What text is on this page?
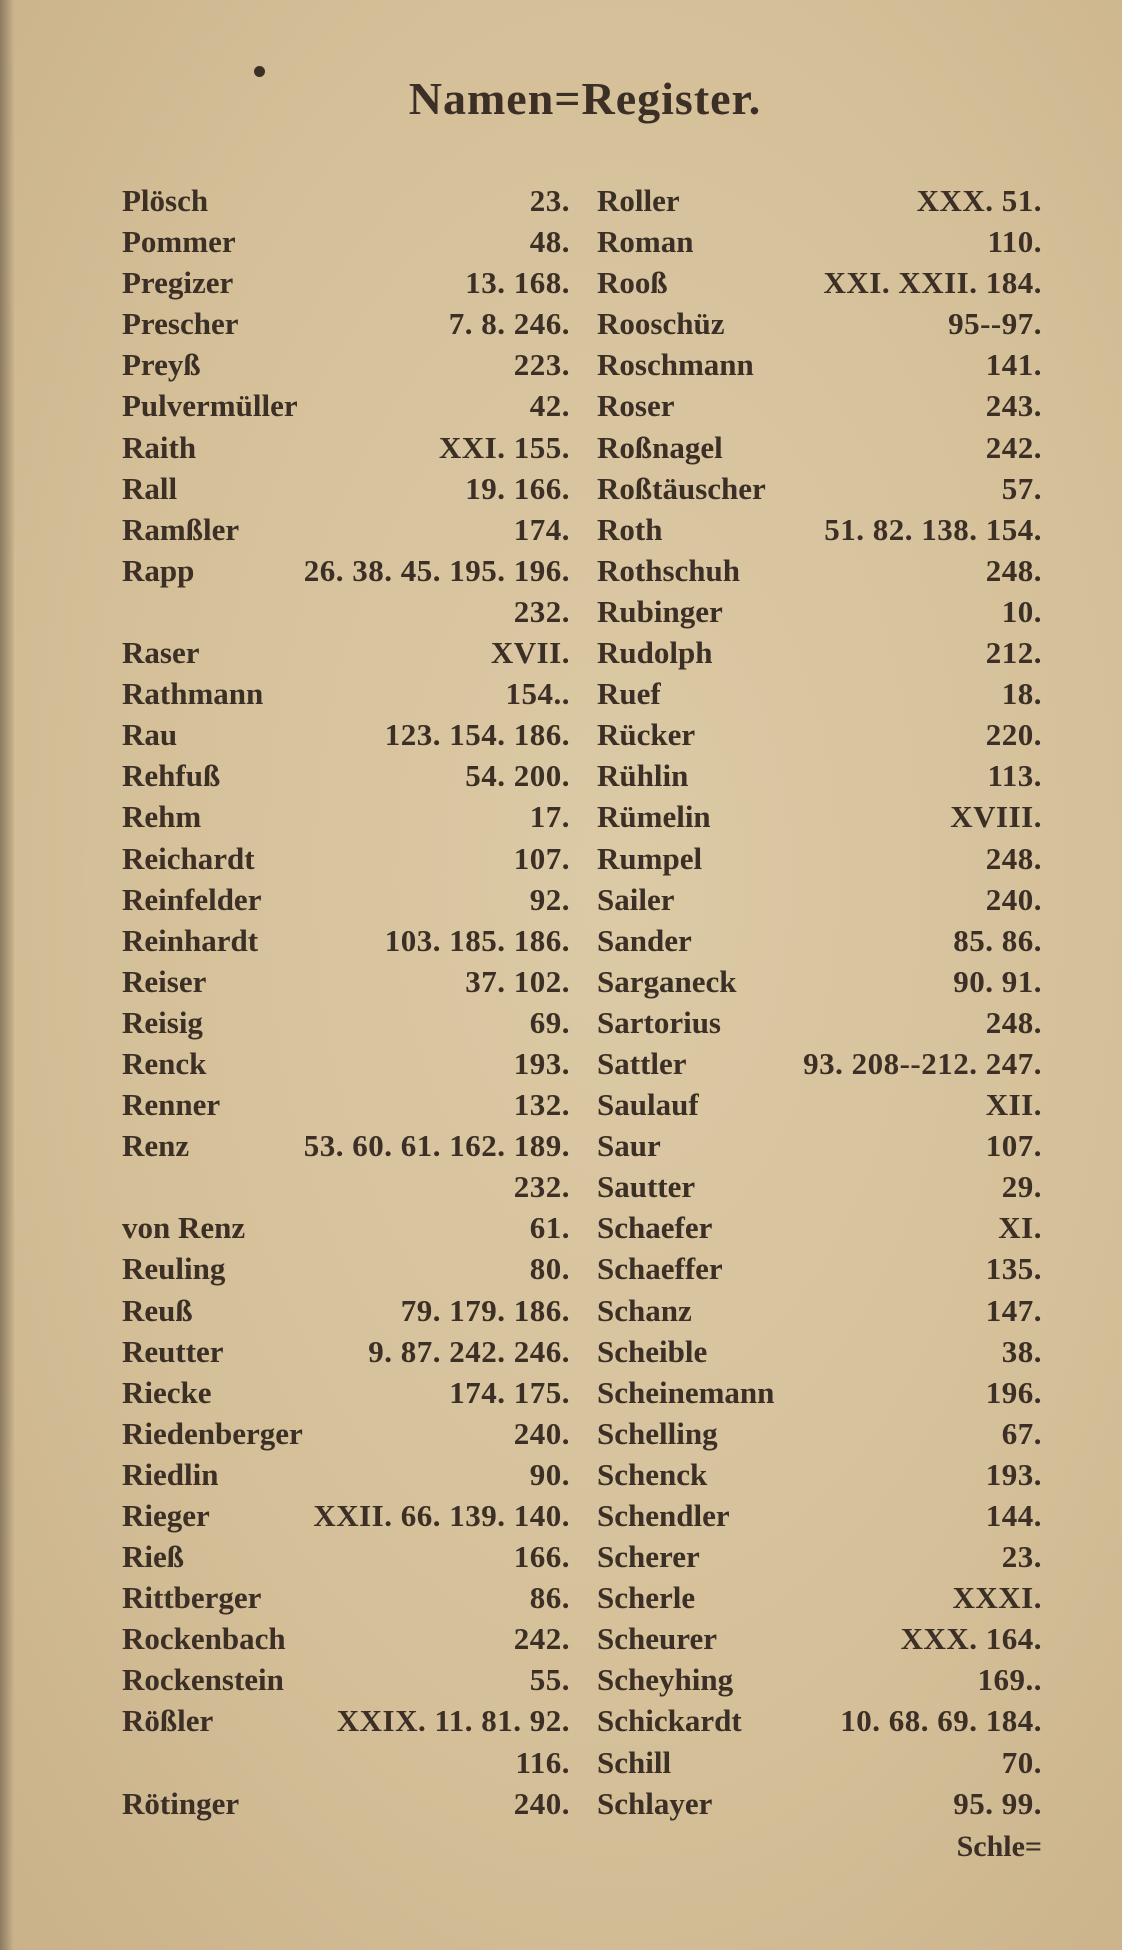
Namen=Register.
Plösch	23.
Pommer	48.
Pregizer	13. 168.
Prescher	7. 8. 246.
Preyß	223.
Pulvermüller	42.
Raith	XXI. 155.
Rall	19. 166.
Ramßler	174.
Rapp	26. 38. 45. 195. 196.
232.
Raser	XVII.
Rathmann	154..
Rau	123. 154. 186.
Rehfuß	54. 200.
Rehm	17.
Reichardt	107.
Reinfelder	92.
Reinhardt	103. 185. 186.
Reiser	37. 102.
Reisig	69.
Renck	193.
Renner	132.
Renz	53. 60. 61. 162. 189.
232.
von Renz	61.
Reuling	80.
Reuß	79. 179. 186.
Reutter	9. 87. 242. 246.
Riecke	174. 175.
Riedenberger	240.
Riedlin	90.
Rieger	XXII. 66. 139. 140.
Rieß	166.
Rittberger	86.
Rockenbach	242.
Rockenstein	55.
Rößler	XXIX. 11. 81. 92.
116.
Rötinger	240.
Roller	XXX. 51.
Roman	110.
Rooß	XXI. XXII. 184.
Rooschüz	95--97.
Roschmann	141.
Roser	243.
Roßnagel	242.
Roßtäuscher	57.
Roth	51. 82. 138. 154.
Rothschuh	248.
Rubinger	10.
Rudolph	212.
Ruef	18.
Rücker	220.
Rühlin	113.
Rümelin	XVIII.
Rumpel	248.
Sailer	240.
Sander	85. 86.
Sarganeck	90. 91.
Sartorius	248.
Sattler	93. 208--212. 247.
Saulauf	XII.
Saur	107.
Sautter	29.
Schaefer	XI.
Schaeffer	135.
Schanz	147.
Scheible	38.
Scheinemann	196.
Schelling	67.
Schenck	193.
Schendler	144.
Scherer	23.
Scherle	XXXI.
Scheurer	XXX. 164.
Scheyhing	169..
Schickardt	10. 68. 69. 184.
Schill	70.
Schlayer	95. 99.
Schle=
